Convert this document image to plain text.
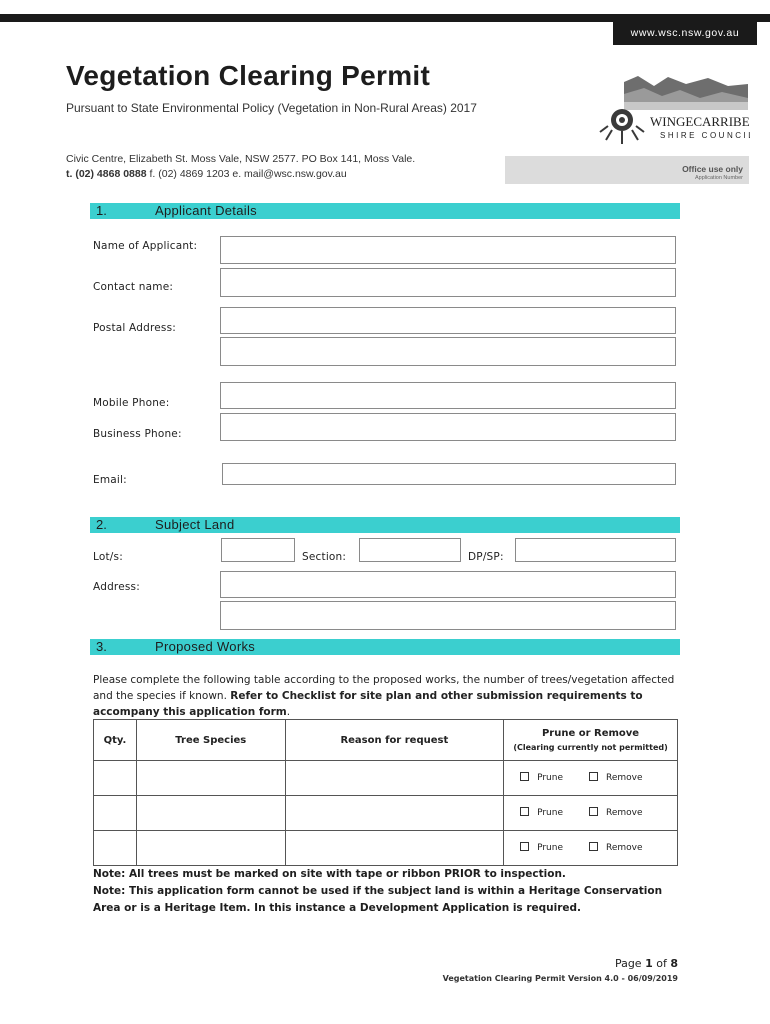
www.wsc.nsw.gov.au
Vegetation Clearing Permit
Pursuant to State Environmental Policy (Vegetation in Non-Rural Areas) 2017
WINGECARRIBEE
SHIRE COUNCIL
Civic Centre, Elizabeth St. Moss Vale, NSW 2577. PO Box 141, Moss Vale.
t. (02) 4868 0888 f. (02) 4869 1203 e. mail@wsc.nsw.gov.au	Office use only
Application Number
1.	Applicant Details
Name of Applicant:
Contact name:
Postal Address:
Mobile Phone:
Business Phone:
Email:
2.	Subject Land
Lot/s:	Section:	DP/SP:
Address:
3.	Proposed Works
Please complete the following table according to the proposed works, the number of trees/vegetation affected and the species if known. Refer to Checklist for site plan and other submission requirements to accompany this application form.
Qty.	Tree Species	Reason for request	Prune or Remove
(Clearing currently not permitted)

			Prune Remove
			Prune Remove
			Prune Remove
Note: All trees must be marked on site with tape or ribbon PRIOR to inspection.
Note: This application form cannot be used if the subject land is within a Heritage Conservation Area or is a Heritage Item. In this instance a Development Application is required.
Page 1 of 8
Vegetation Clearing Permit Version 4.0 - 06/09/2019
